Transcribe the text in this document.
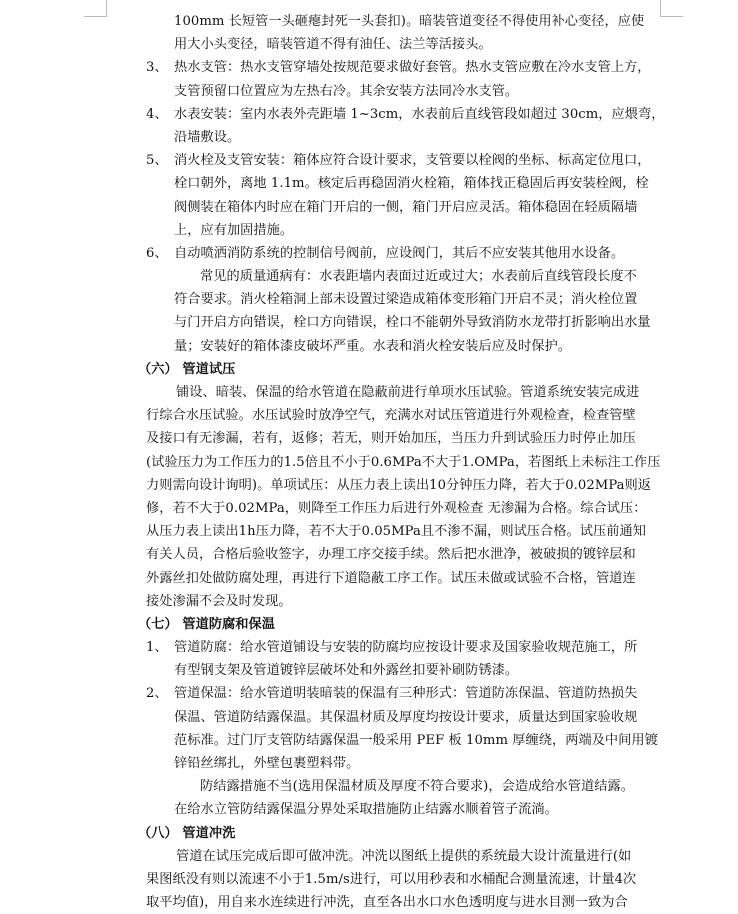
100mm 长短管一头砸瘪封死一头套扣)。暗装管道变径不得使用补心变径，应使
用大小头变径，暗装管道不得有油任、法兰等活接头。
3、 热水支管：热水支管穿墙处按规范要求做好套管。热水支管应敷在冷水支管上方，
支管预留口位置应为左热右冷。其余安装方法同冷水支管。
4、 水表安装：室内水表外壳距墙 1~3cm，水表前后直线管段如超过 30cm，应煨弯，
沿墙敷设。
5、 消火栓及支管安装：箱体应符合设计要求，支管要以栓阀的坐标、标高定位甩口，
栓口朝外，离地 1.1m。核定后再稳固消火栓箱，箱体找正稳固后再安装栓阀，栓
阀侧装在箱体内时应在箱门开启的一侧，箱门开启应灵活。箱体稳固在轻质隔墙
上，应有加固措施。
6、 自动喷洒消防系统的控制信号阀前，应设阀门，其后不应安装其他用水设备。
常见的质量通病有：水表距墙内表面过近或过大；水表前后直线管段长度不
符合要求。消火栓箱洞上部未设置过梁造成箱体变形箱门开启不灵；消火栓位置
与门开启方向错误，栓口方向错误，栓口不能朝外导致消防水龙带打折影响出水量
量；安装好的箱体漆皮破坏严重。水表和消火栓安装后应及时保护。
（六） 管道试压
铺设、暗装、保温的给水管道在隐蔽前进行单项水压试验。管道系统安装完成进
行综合水压试验。水压试验时放净空气，充满水对试压管道进行外观检查，检查管壁
及接口有无渗漏，若有，返修；若无，则开始加压，当压力升到试验压力时停止加压
(试验压力为工作压力的1.5倍且不小于0.6MPa不大于1.OMPa，若图纸上未标注工作压
力则需向设计询明)。单项试压：从压力表上读出10分钟压力降，若大于0.02MPa则返
修，若不大于0.02MPa，则降至工作压力后进行外观检查 无渗漏为合格。综合试压：
从压力表上读出1h压力降，若不大于0.05MPa且不渗不漏，则试压合格。试压前通知
有关人员，合格后验收签字，办理工序交接手续。然后把水泄净，被破损的镀锌层和
外露丝扣处做防腐处理，再进行下道隐蔽工序工作。试压未做或试验不合格，管道连
接处渗漏不会及时发现。
（七） 管道防腐和保温
1、 管道防腐：给水管道铺设与安装的防腐均应按设计要求及国家验收规范施工，所
有型钢支架及管道镀锌层破坏处和外露丝扣要补刷防锈漆。
2、 管道保温：给水管道明装暗装的保温有三种形式：管道防冻保温、管道防热损失
保温、管道防结露保温。其保温材质及厚度均按设计要求，质量达到国家验收规
范标准。过门厅支管防结露保温一般采用 PEF 板 10mm 厚缠绕，两端及中间用镀
锌铅丝绑扎，外壁包裹塑料带。
防结露措施不当(选用保温材质及厚度不符合要求)，会造成给水管道结露。
在给水立管防结露保温分界处采取措施防止结露水顺着管子流淌。
（八） 管道冲洗
管道在试压完成后即可做冲洗。冲洗以图纸上提供的系统最大设计流量进行(如
果图纸没有则以流速不小于1.5m/s进行，可以用秒表和水桶配合测量流速，计量4次
取平均值)，用自来水连续进行冲洗，直至各出水口水色透明度与进水目测一致为合
